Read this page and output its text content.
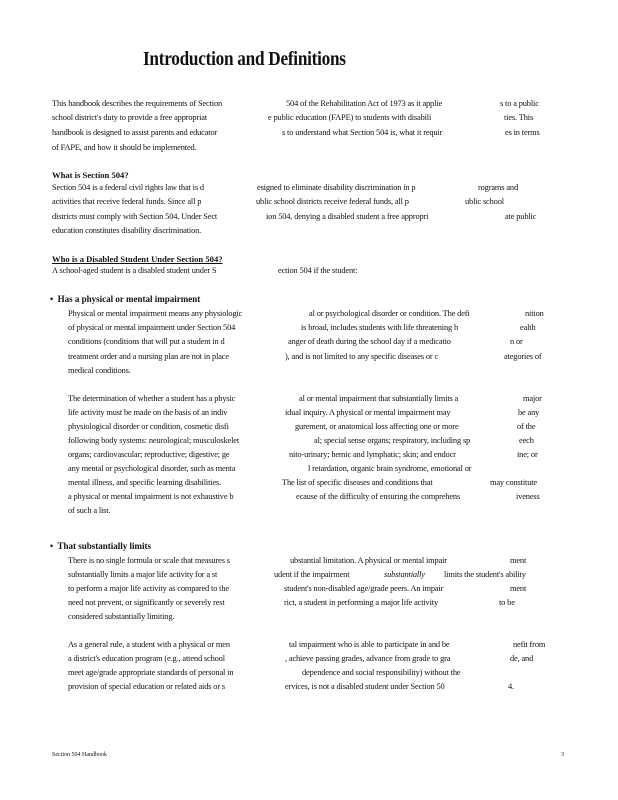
Introduction and Definitions
This handbook describes the requirements of Section	504 of the Rehabilitation Act of 1973 as it applie	s to a public
school district's duty to provide a free appropriat	e public education (FAPE) to students with disabili	ties. This
handbook is designed to assist parents and educator	s to understand what Section 504 is, what it requir	es in terms
of FAPE, and how it should be implemented.
What is Section 504?
Section 504 is a federal civil rights law that is d	esigned to eliminate disability discrimination in p	rograms and
activities that receive federal funds. Since all p	ublic school districts receive federal funds, all p	ublic school
districts must comply with Section 504. Under Sect	ion 504, denying a disabled student a free appropri	ate public
education constitutes disability discrimination.
Who is a Disabled Student Under Section 504?
A school-aged student is a disabled student under S	ection 504 if the student:
•  Has a physical or mental impairment
Physical or mental impairment means any physiologic	al or psychological disorder or condition. The defi	nition
of physical or mental impairment under Section 504	is broad, includes students with life threatening h	ealth
conditions (conditions that will put a student in d	anger of death during the school day if a medicatio	n or
treatment order and a nursing plan are not in place	), and is not limited to any specific diseases or c	ategories of
medical conditions.
The determination of whether a student has a physic	al or mental impairment that substantially limits a	major
life activity must be made on the basis of an indiv	idual inquiry. A physical or mental impairment may	be any
physiological disorder or condition, cosmetic disfi	gurement, or anatomical loss affecting one or more	of the
following body systems: neurological; musculoskelet	al; special sense organs; respiratory, including sp	eech
organs; cardiovascular; reproductive; digestive; ge	nito-urinary; hemic and lymphatic; skin; and endocr	ine; or
any mental or psychological disorder, such as menta	l retardation, organic brain syndrome, emotional or
mental illness, and specific learning disabilities.	The list of specific diseases and conditions that	may constitute
a physical or mental impairment is not exhaustive b	ecause of the difficulty of ensuring the comprehens	iveness
of such a list.
•  That substantially limits
There is no single formula or scale that measures s	ubstantial limitation. A physical or mental impair	ment
substantially limits a major life activity for a st	udent if the impairment	substantially limits the student's ability
to perform a major life activity as compared to the	student's non-disabled age/grade peers. An impair	ment
need not prevent, or significantly or severely rest	rict, a student in performing a major life activity	to be
considered substantially limiting.
As a general rule, a student with a physical or men	tal impairment who is able to participate in and be	nefit from
a district's education program (e.g., attend school	, achieve passing grades, advance from grade to gra	de, and
meet age/grade appropriate standards of personal in	dependence and social responsibility) without the
provision of special education or related aids or s	ervices, is not a disabled student under Section 50	4.
Section 504 Handbook	3
